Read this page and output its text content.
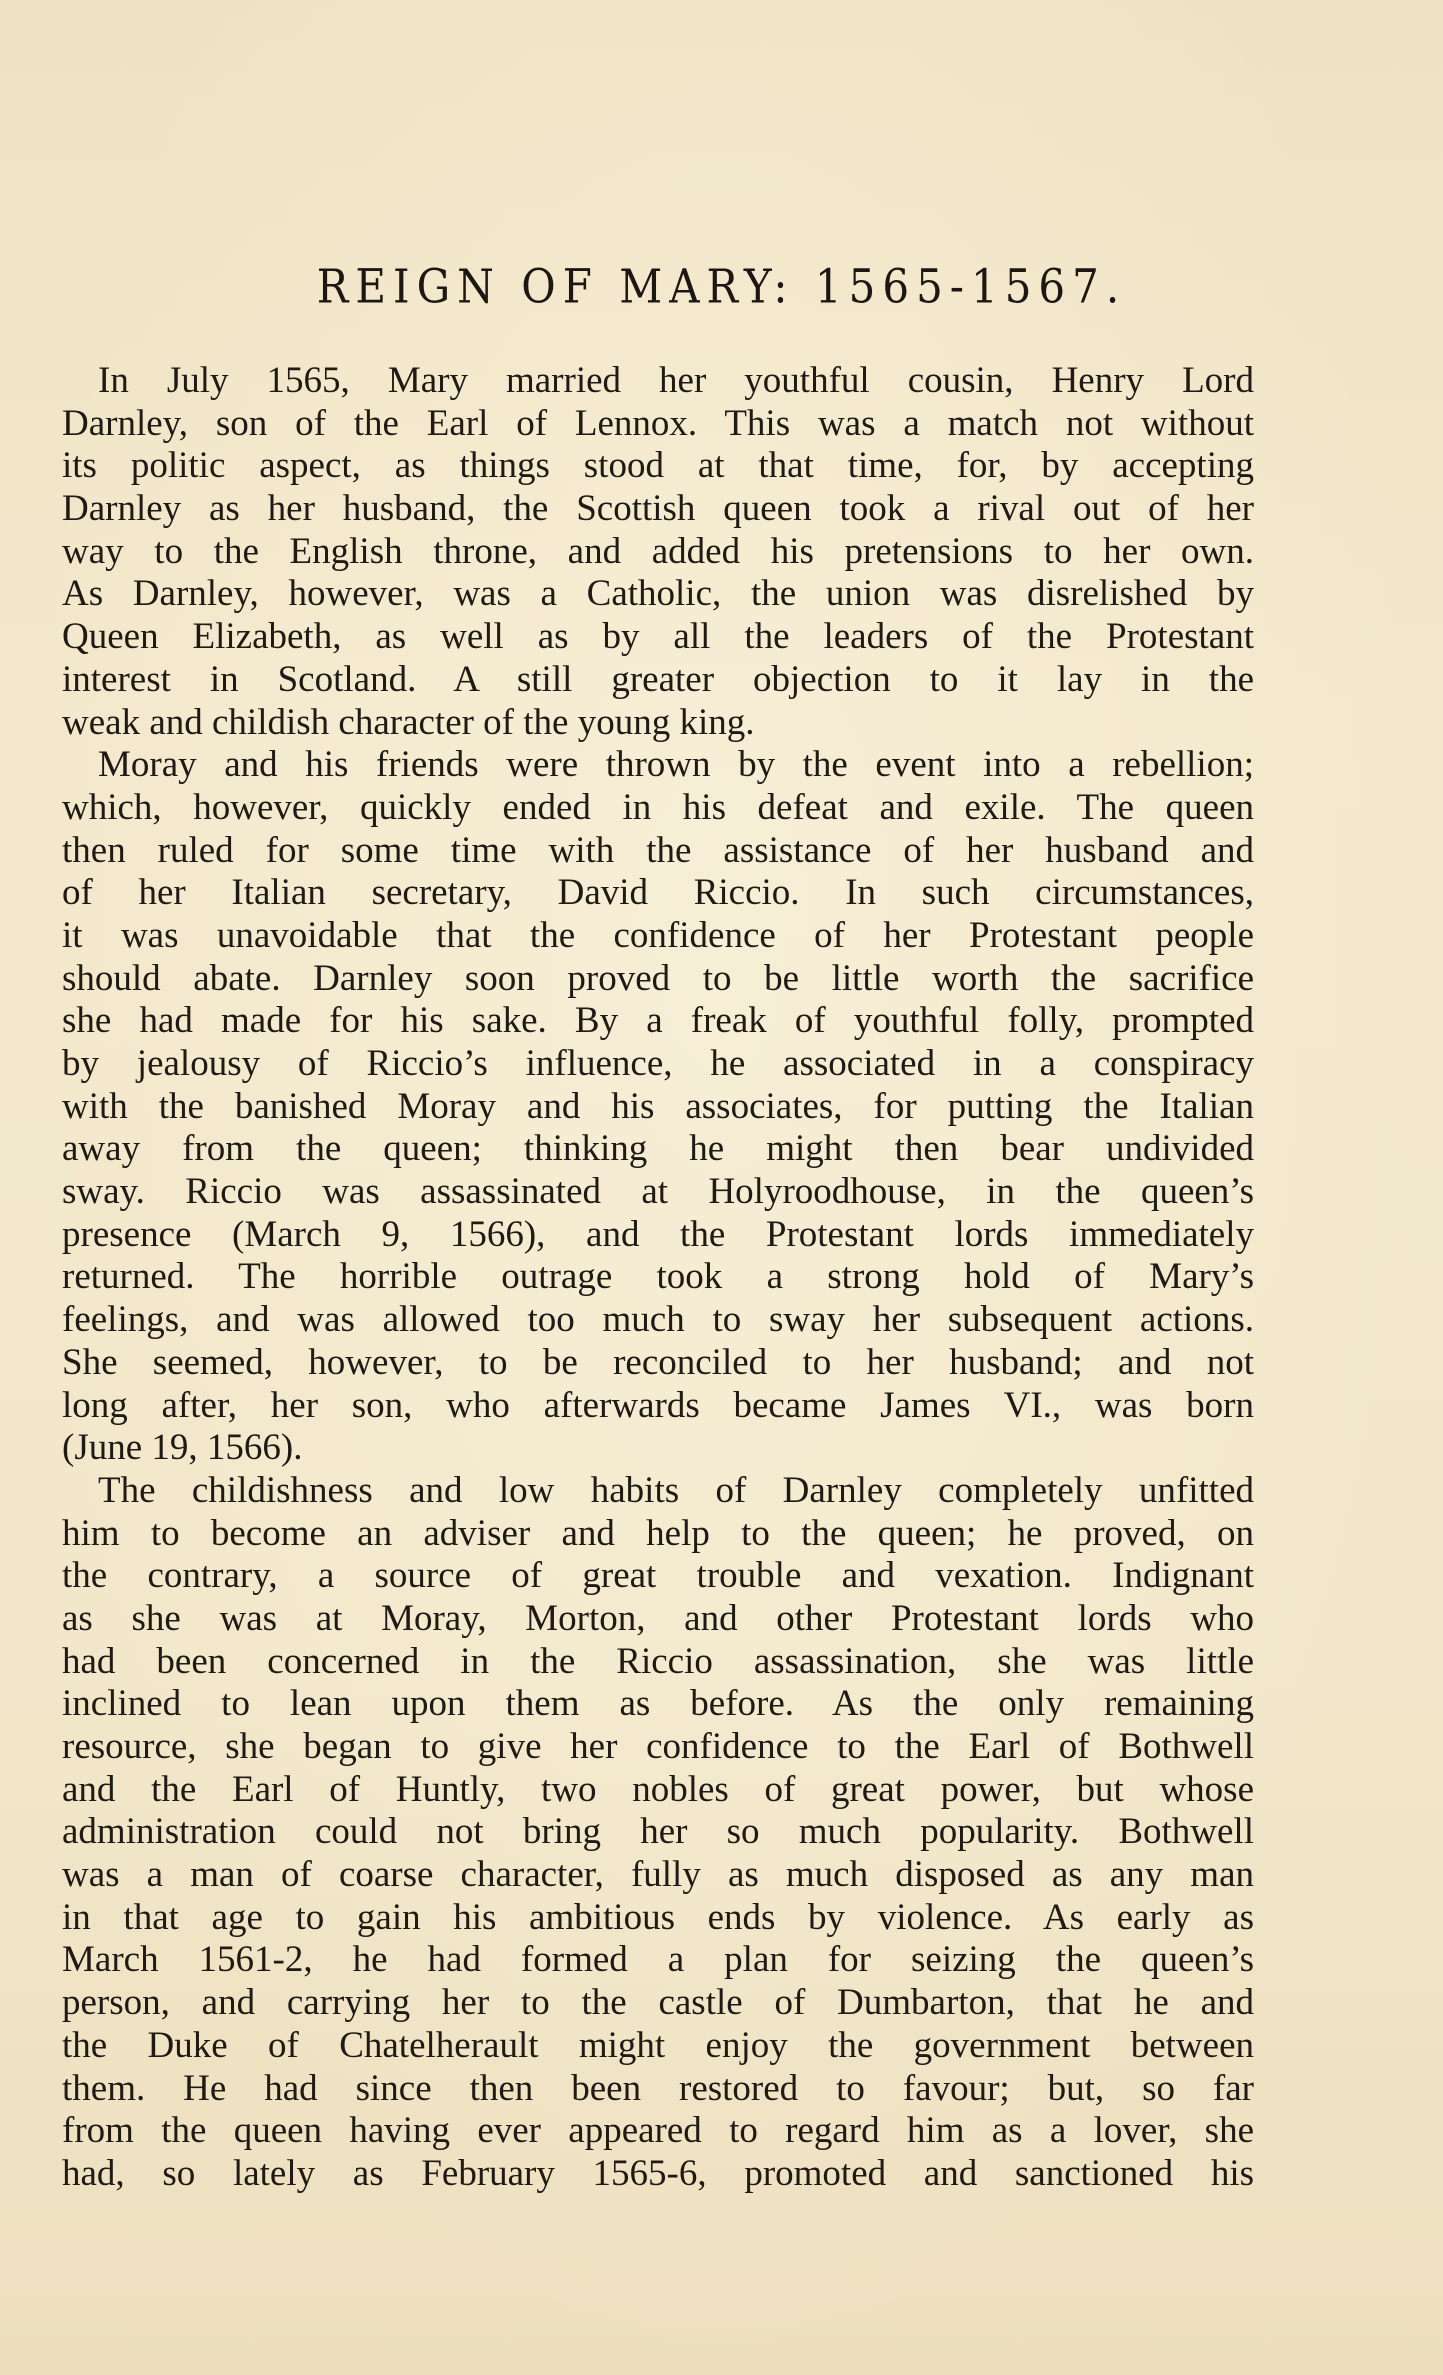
REIGN OF MARY: 1565-1567.
In July 1565, Mary married her youthful cousin, Henry Lord
Darnley, son of the Earl of Lennox. This was a match not without
its politic aspect, as things stood at that time, for, by accepting
Darnley as her husband, the Scottish queen took a rival out of her
way to the English throne, and added his pretensions to her own.
As Darnley, however, was a Catholic, the union was disrelished by
Queen Elizabeth, as well as by all the leaders of the Protestant
interest in Scotland. A still greater objection to it lay in the
weak and childish character of the young king.
Moray and his friends were thrown by the event into a rebellion;
which, however, quickly ended in his defeat and exile. The queen
then ruled for some time with the assistance of her husband and
of her Italian secretary, David Riccio. In such circumstances,
it was unavoidable that the confidence of her Protestant people
should abate. Darnley soon proved to be little worth the sacrifice
she had made for his sake. By a freak of youthful folly, prompted
by jealousy of Riccio’s influence, he associated in a conspiracy
with the banished Moray and his associates, for putting the Italian
away from the queen; thinking he might then bear undivided
sway. Riccio was assassinated at Holyroodhouse, in the queen’s
presence (March 9, 1566), and the Protestant lords immediately
returned. The horrible outrage took a strong hold of Mary’s
feelings, and was allowed too much to sway her subsequent actions.
She seemed, however, to be reconciled to her husband; and not
long after, her son, who afterwards became James VI., was born
(June 19, 1566).
The childishness and low habits of Darnley completely unfitted
him to become an adviser and help to the queen; he proved, on
the contrary, a source of great trouble and vexation. Indignant
as she was at Moray, Morton, and other Protestant lords who
had been concerned in the Riccio assassination, she was little
inclined to lean upon them as before. As the only remaining
resource, she began to give her confidence to the Earl of Bothwell
and the Earl of Huntly, two nobles of great power, but whose
administration could not bring her so much popularity. Bothwell
was a man of coarse character, fully as much disposed as any man
in that age to gain his ambitious ends by violence. As early as
March 1561-2, he had formed a plan for seizing the queen’s
person, and carrying her to the castle of Dumbarton, that he and
the Duke of Chatelherault might enjoy the government between
them. He had since then been restored to favour; but, so far
from the queen having ever appeared to regard him as a lover, she
had, so lately as February 1565-6, promoted and sanctioned his
